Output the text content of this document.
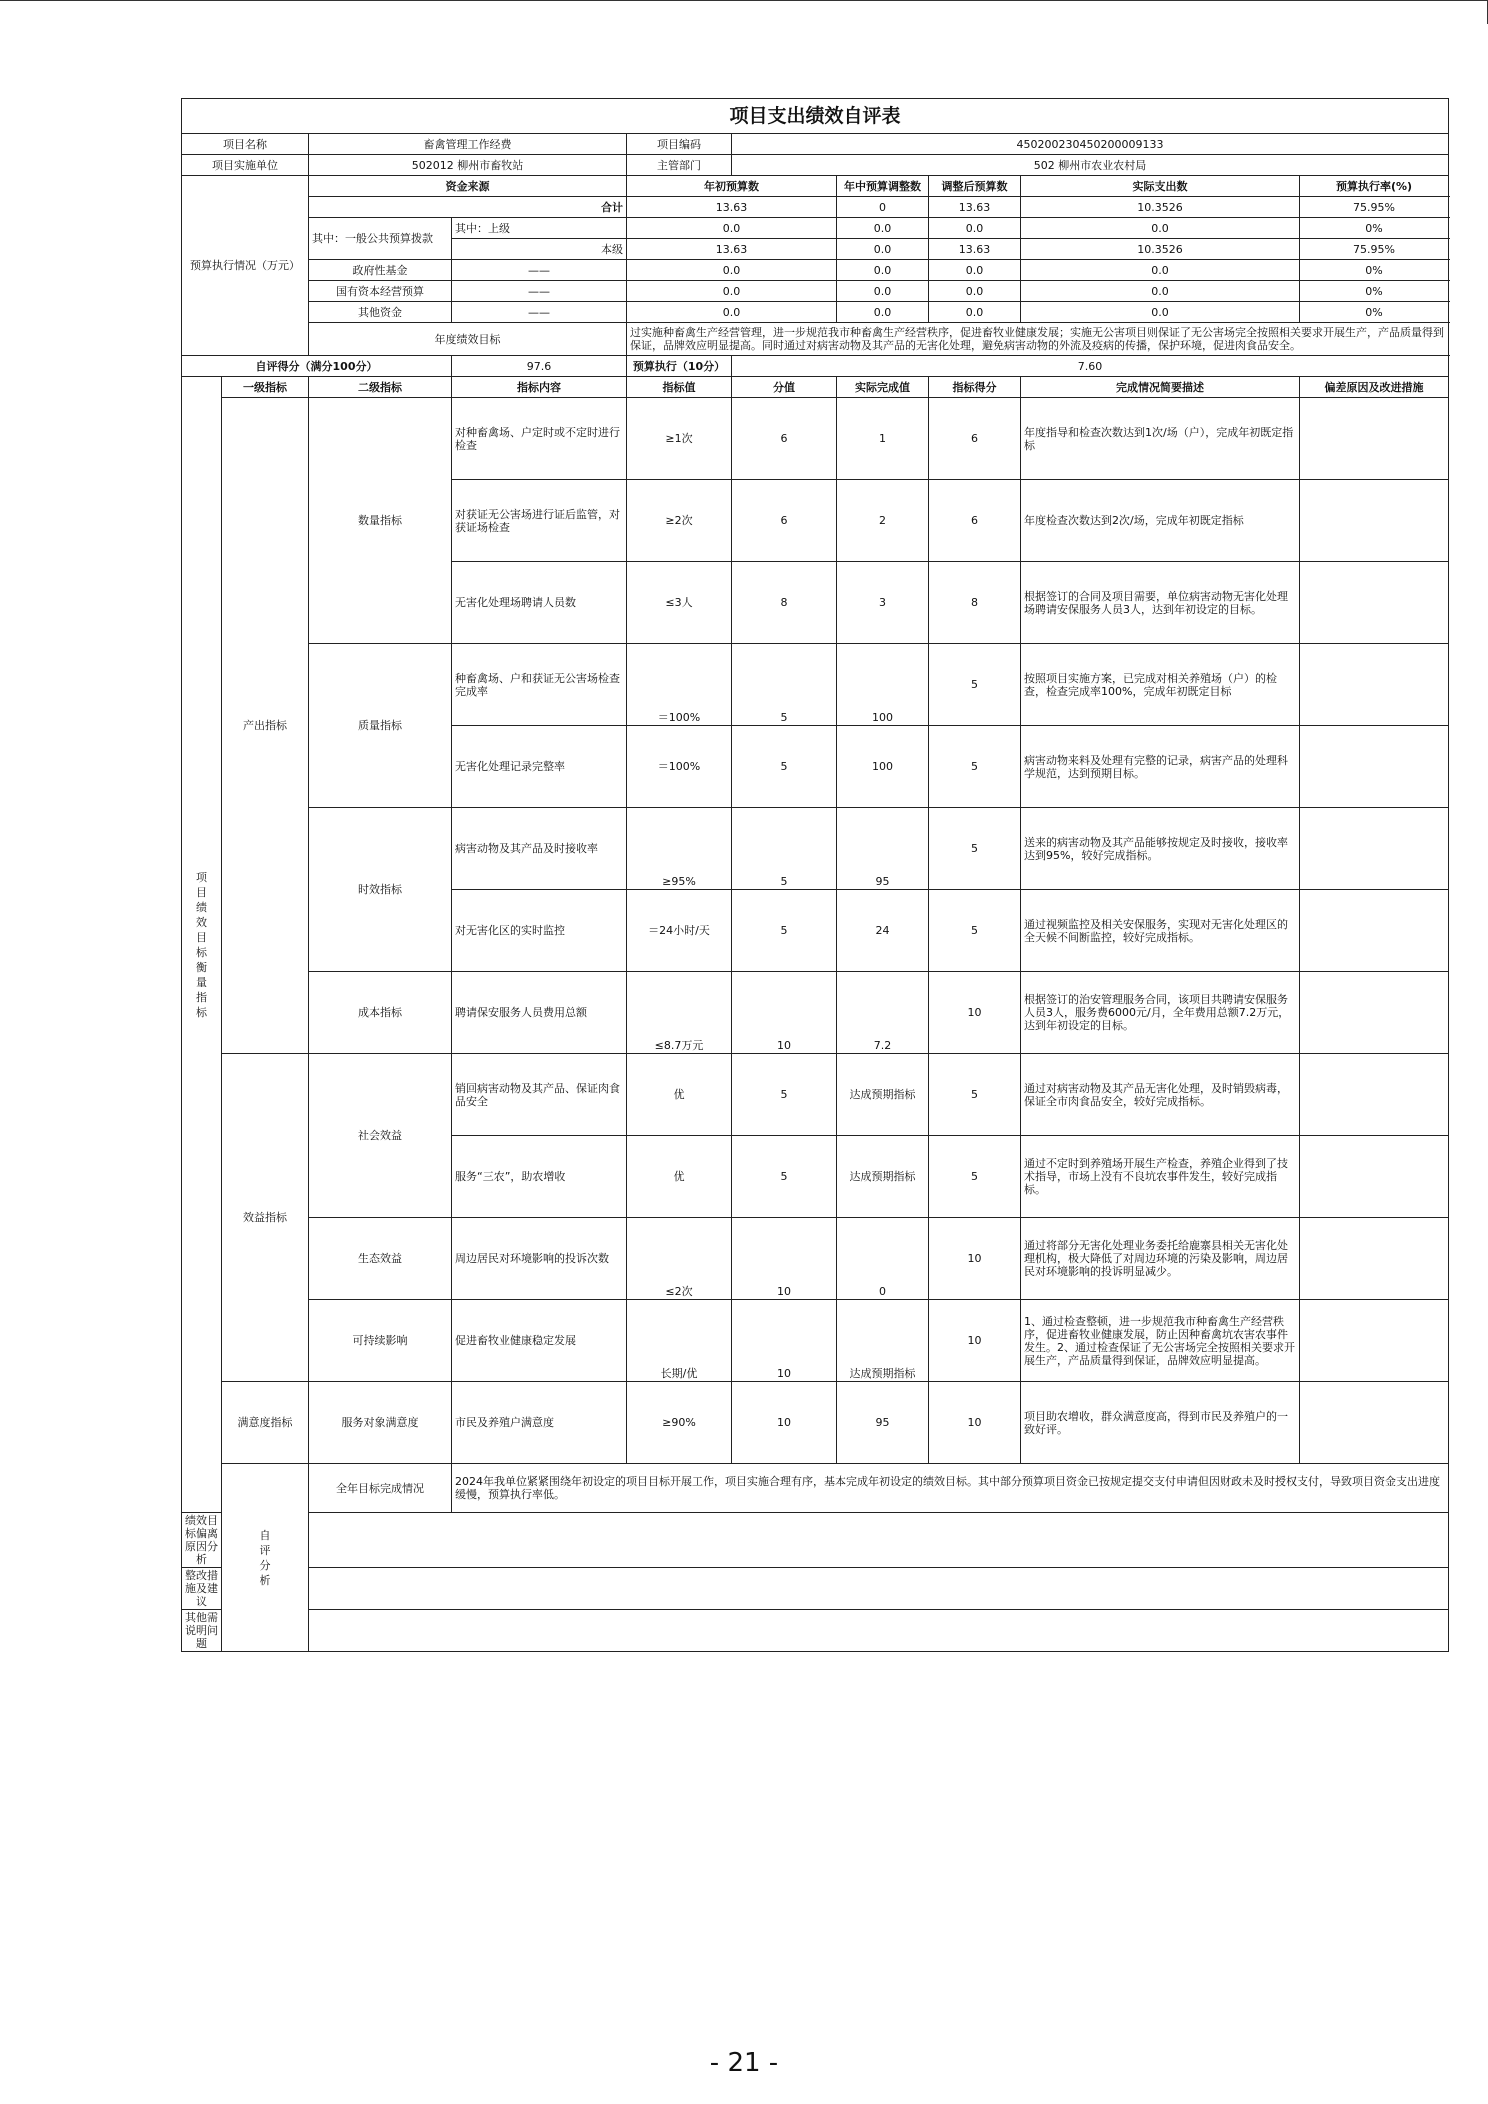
项目支出绩效自评表									
项目名称		畜禽管理工作经费		项目编码	450200230450200009133				
项目实施单位		502012 柳州市畜牧站		主管部门	502 柳州市农业农村局				
预算执行情况（万元）		资金来源		年初预算数		年中预算调整数	调整后预算数	实际支出数	预算执行率(%)
		合计		13.63		0	13.63	10.3526	75.95%
		其中：一般公共预算拨款	其中：上级	0.0		0.0	0.0	0.0	0%
			本级	13.63		0.0	13.63	10.3526	75.95%
		政府性基金	——	0.0		0.0	0.0	0.0	0%
		国有资本经营预算	——	0.0		0.0	0.0	0.0	0%
		其他资金	——	0.0		0.0	0.0	0.0	0%
		年度绩效目标		过实施种畜禽生产经营管理，进一步规范我市种畜禽生产经营秩序，促进畜牧业健康发展；实施无公害项目则保证了无公害场完全按照相关要求开展生产，产品质量得到保证，品牌效应明显提高。同时通过对病害动物及其产品的无害化处理，避免病害动物的外流及疫病的传播，保护环境，促进肉食品安全。					
自评得分（满分100分）			97.6	预算执行（10分）	7.60				
项目绩效目标衡量指标	一级指标	二级指标	指标内容	指标值	分值	实际完成值	指标得分	完成情况简要描述	偏差原因及改进措施
	产出指标	数量指标	对种畜禽场、户定时或不定时进行检查	≥1次	6	1	6	年度指导和检查次数达到1次/场（户），完成年初既定指标	
			对获证无公害场进行证后监管，对获证场检查	≥2次	6	2	6	年度检查次数达到2次/场，完成年初既定指标	
			无害化处理场聘请人员数	≤3人	8	3	8	根据签订的合同及项目需要，单位病害动物无害化处理场聘请安保服务人员3人，达到年初设定的目标。	
		质量指标	种畜禽场、户和获证无公害场检查完成率	＝100%	5	100	5	按照项目实施方案，已完成对相关养殖场（户）的检查，检查完成率100%，完成年初既定目标	
			无害化处理记录完整率	＝100%	5	100	5	病害动物来料及处理有完整的记录，病害产品的处理科学规范，达到预期目标。	
		时效指标	病害动物及其产品及时接收率	≥95%	5	95	5	送来的病害动物及其产品能够按规定及时接收，接收率达到95%，较好完成指标。	
			对无害化区的实时监控	＝24小时/天	5	24	5	通过视频监控及相关安保服务，实现对无害化处理区的全天候不间断监控，较好完成指标。	
		成本指标	聘请保安服务人员费用总额	≤8.7万元	10	7.2	10	根据签订的治安管理服务合同，该项目共聘请安保服务人员3人，服务费6000元/月，全年费用总额7.2万元，达到年初设定的目标。	
	效益指标	社会效益	销回病害动物及其产品、保证肉食品安全	优	5	达成预期指标	5	通过对病害动物及其产品无害化处理，及时销毁病毒，保证全市肉食品安全，较好完成指标。	
			服务“三农”，助农增收	优	5	达成预期指标	5	通过不定时到养殖场开展生产检查，养殖企业得到了技术指导，市场上没有不良坑农事件发生，较好完成指标。	
		生态效益	周边居民对环境影响的投诉次数	≤2次	10	0	10	通过将部分无害化处理业务委托给鹿寨县相关无害化处理机构，极大降低了对周边环境的污染及影响，周边居民对环境影响的投诉明显减少。	
		可持续影响	促进畜牧业健康稳定发展	长期/优	10	达成预期指标	10	1、通过检查整顿，进一步规范我市种畜禽生产经营秩序，促进畜牧业健康发展，防止因种畜禽坑农害农事件发生。2、通过检查保证了无公害场完全按照相关要求开展生产，产品质量得到保证，品牌效应明显提高。	
	满意度指标	服务对象满意度	市民及养殖户满意度	≥90%	10	95	10	项目助农增收，群众满意度高，得到市民及养殖户的一致好评。	
	自评分析	全年目标完成情况	2024年我单位紧紧围绕年初设定的项目目标开展工作，项目实施合理有序，基本完成年初设定的绩效目标。其中部分预算项目资金已按规定提交支付申请但因财政未及时授权支付，导致项目资金支出进度缓慢，预算执行率低。						
绩效目标偏离原因分析									
整改措施及建议									
其他需说明问题									
- 21 -
